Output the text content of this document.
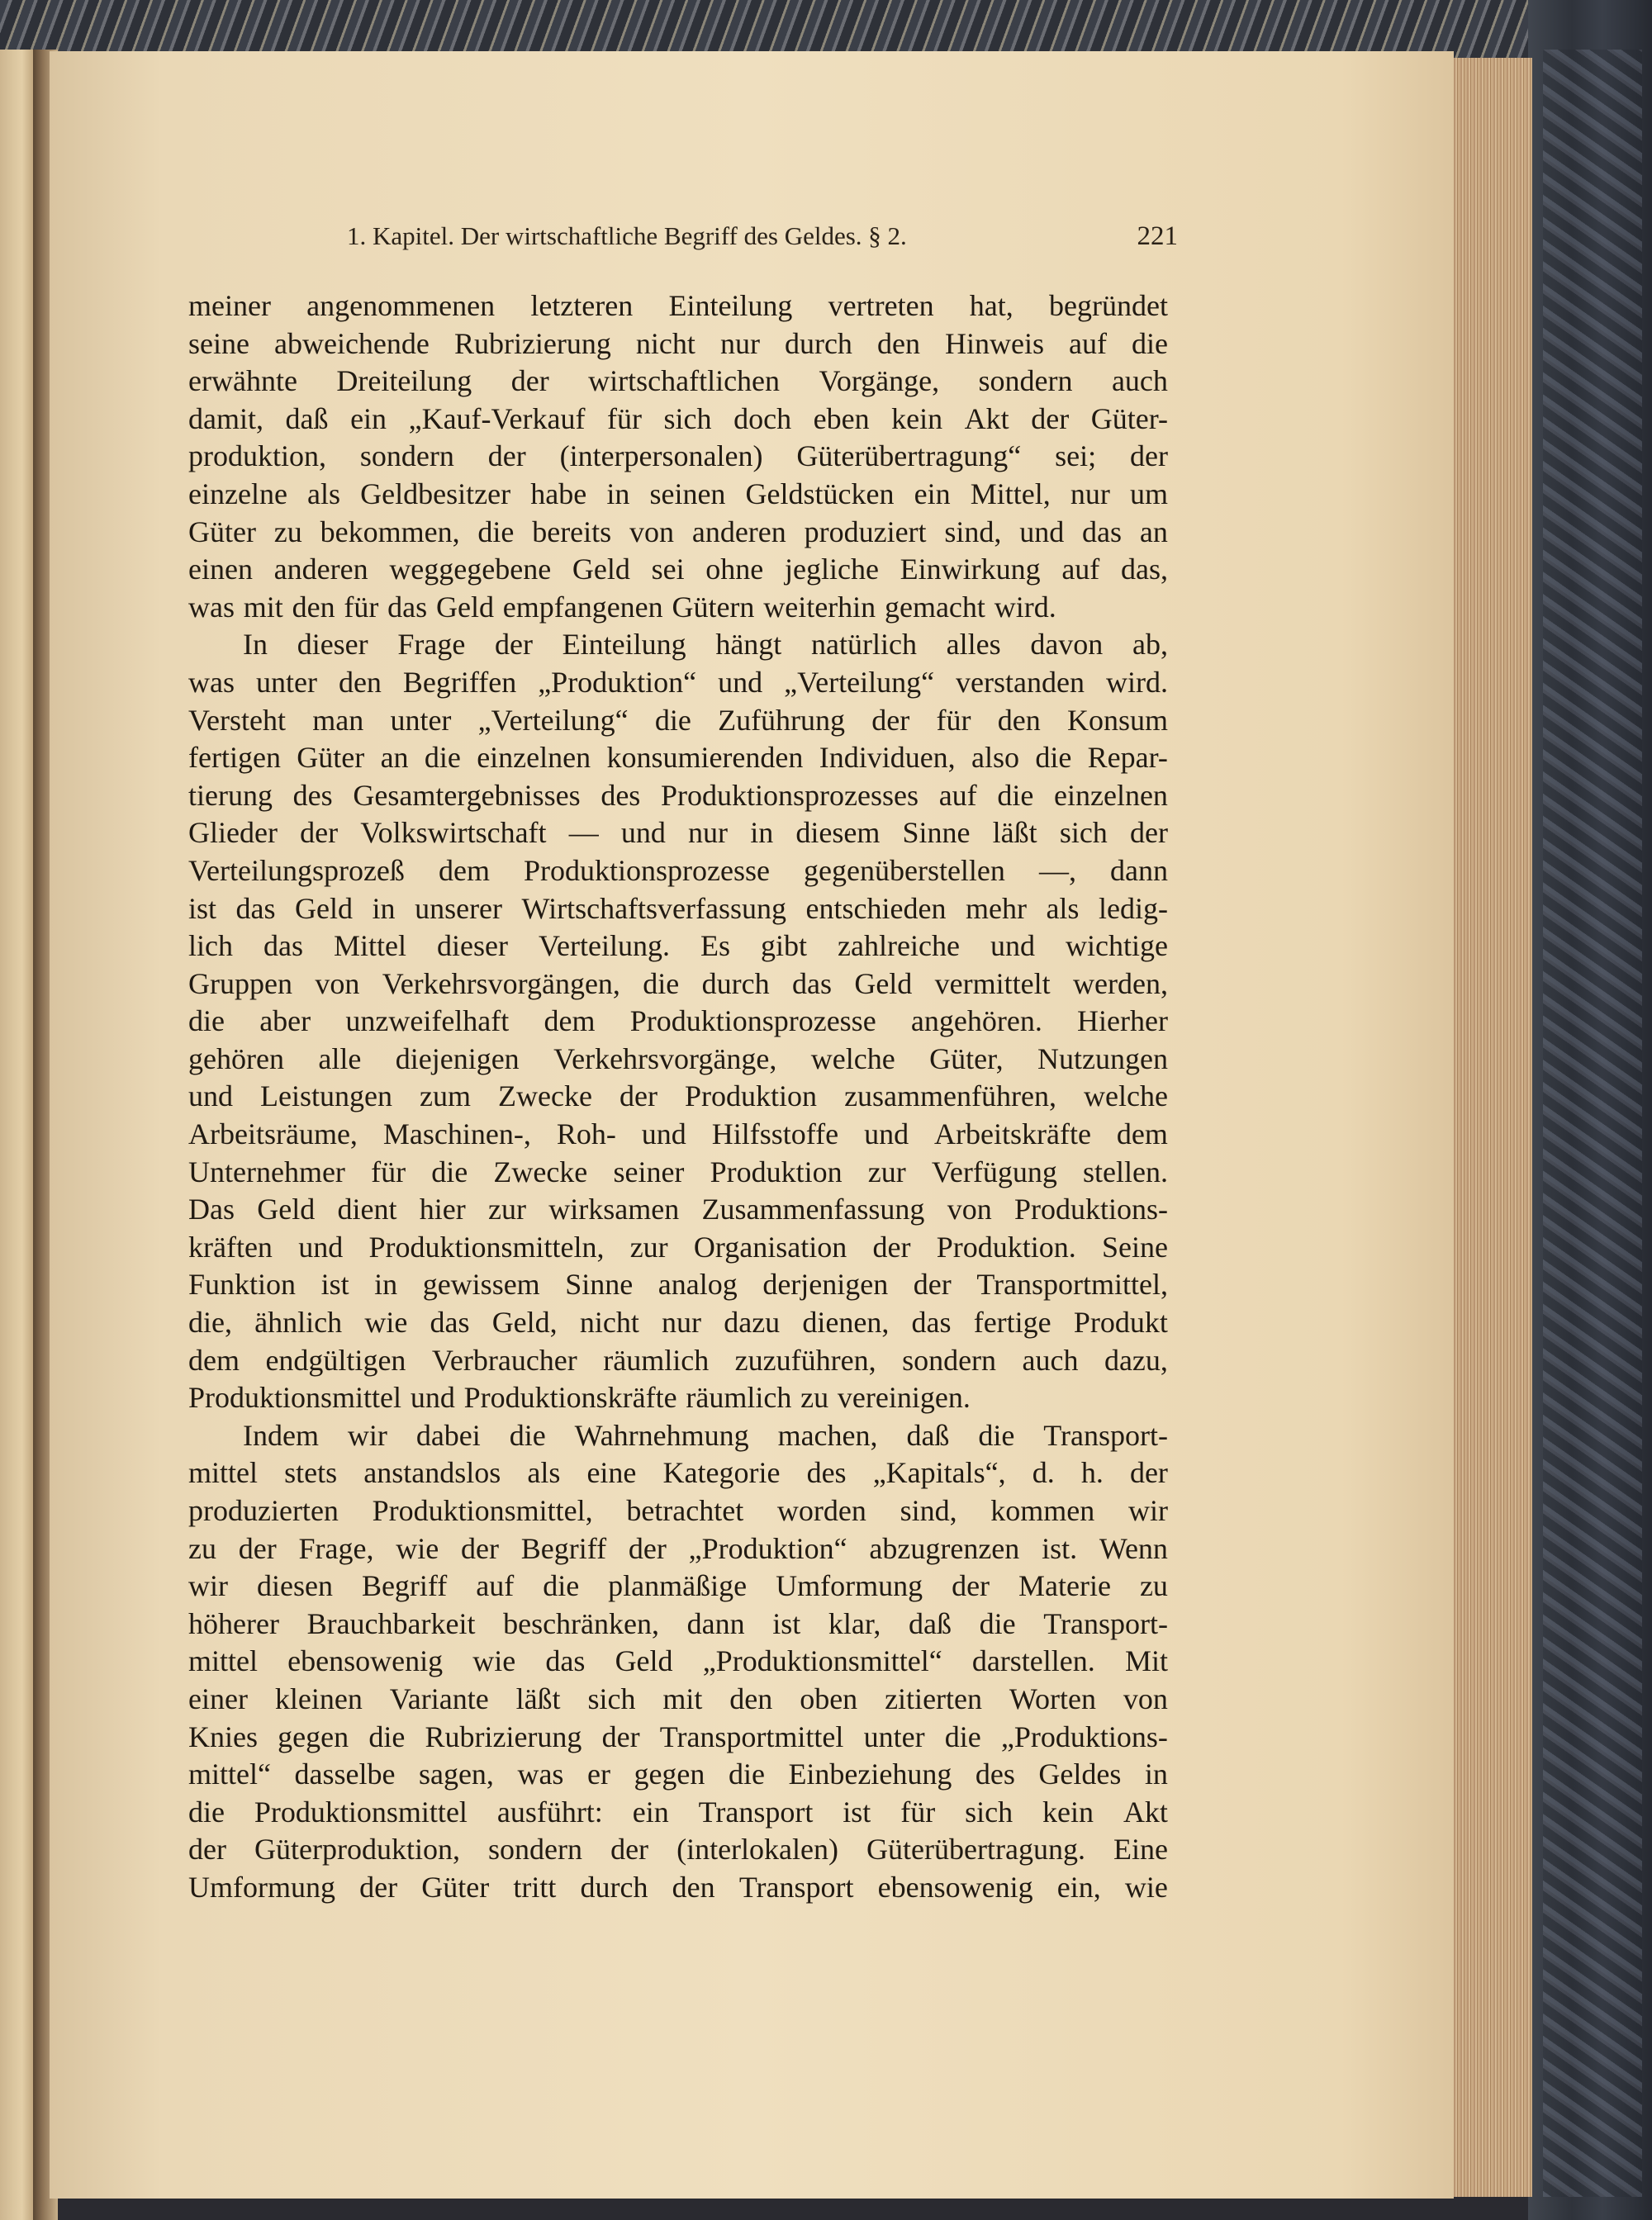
1. Kapitel. Der wirtschaftliche Begriff des Geldes. § 2.	221
meiner angenommenen letzteren Einteilung vertreten hat, begründet
seine abweichende Rubrizierung nicht nur durch den Hinweis auf die
erwähnte Dreiteilung der wirtschaftlichen Vorgänge, sondern auch
damit, daß ein „Kauf-Verkauf für sich doch eben kein Akt der Güter-
produktion, sondern der (interpersonalen) Güterübertragung“ sei; der
einzelne als Geldbesitzer habe in seinen Geldstücken ein Mittel, nur um
Güter zu bekommen, die bereits von anderen produziert sind, und das an
einen anderen weggegebene Geld sei ohne jegliche Einwirkung auf das,
was mit den für das Geld empfangenen Gütern weiterhin gemacht wird.
In dieser Frage der Einteilung hängt natürlich alles davon ab,
was unter den Begriffen „Produktion“ und „Verteilung“ verstanden wird.
Versteht man unter „Verteilung“ die Zuführung der für den Konsum
fertigen Güter an die einzelnen konsumierenden Individuen, also die Repar-
tierung des Gesamtergebnisses des Produktionsprozesses auf die einzelnen
Glieder der Volkswirtschaft — und nur in diesem Sinne läßt sich der
Verteilungsprozeß dem Produktionsprozesse gegenüberstellen —, dann
ist das Geld in unserer Wirtschaftsverfassung entschieden mehr als ledig-
lich das Mittel dieser Verteilung. Es gibt zahlreiche und wichtige
Gruppen von Verkehrsvorgängen, die durch das Geld vermittelt werden,
die aber unzweifelhaft dem Produktionsprozesse angehören. Hierher
gehören alle diejenigen Verkehrsvorgänge, welche Güter, Nutzungen
und Leistungen zum Zwecke der Produktion zusammenführen, welche
Arbeitsräume, Maschinen-, Roh- und Hilfsstoffe und Arbeitskräfte dem
Unternehmer für die Zwecke seiner Produktion zur Verfügung stellen.
Das Geld dient hier zur wirksamen Zusammenfassung von Produktions-
kräften und Produktionsmitteln, zur Organisation der Produktion. Seine
Funktion ist in gewissem Sinne analog derjenigen der Transportmittel,
die, ähnlich wie das Geld, nicht nur dazu dienen, das fertige Produkt
dem endgültigen Verbraucher räumlich zuzuführen, sondern auch dazu,
Produktionsmittel und Produktionskräfte räumlich zu vereinigen.
Indem wir dabei die Wahrnehmung machen, daß die Transport-
mittel stets anstandslos als eine Kategorie des „Kapitals“, d. h. der
produzierten Produktionsmittel, betrachtet worden sind, kommen wir
zu der Frage, wie der Begriff der „Produktion“ abzugrenzen ist. Wenn
wir diesen Begriff auf die planmäßige Umformung der Materie zu
höherer Brauchbarkeit beschränken, dann ist klar, daß die Transport-
mittel ebensowenig wie das Geld „Produktionsmittel“ darstellen. Mit
einer kleinen Variante läßt sich mit den oben zitierten Worten von
Knies gegen die Rubrizierung der Transportmittel unter die „Produktions-
mittel“ dasselbe sagen, was er gegen die Einbeziehung des Geldes in
die Produktionsmittel ausführt: ein Transport ist für sich kein Akt
der Güterproduktion, sondern der (interlokalen) Güterübertragung. Eine
Umformung der Güter tritt durch den Transport ebensowenig ein, wie
